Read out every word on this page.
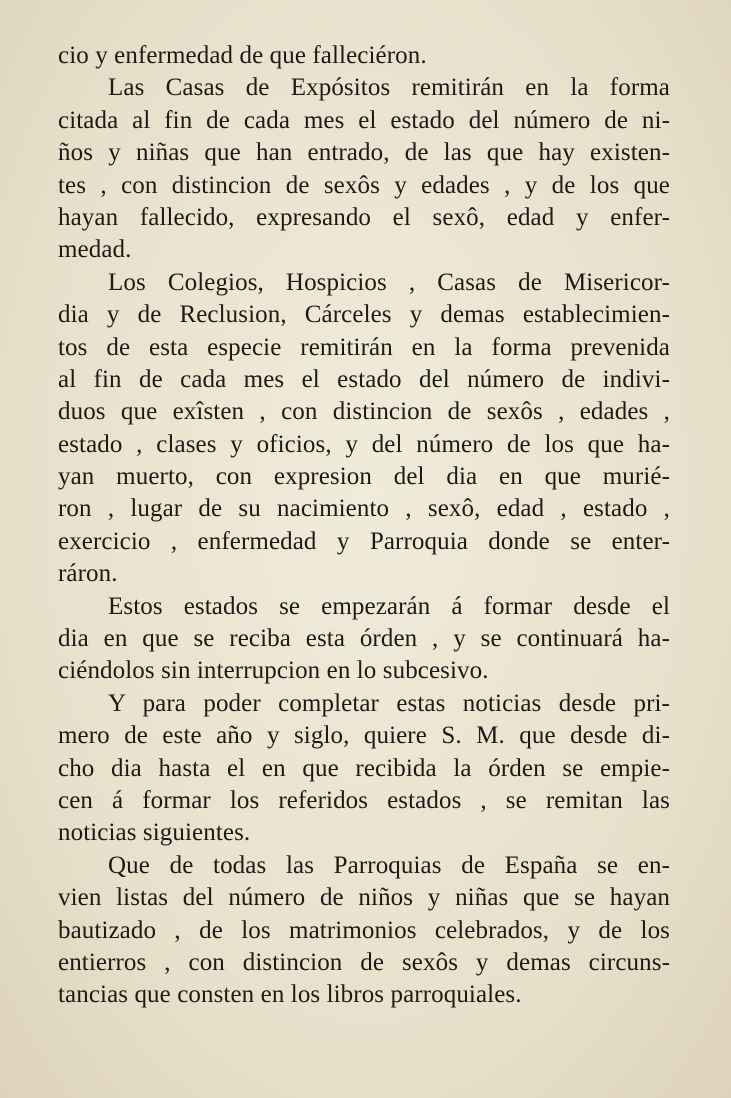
cio y enfermedad de que falleciéron.
Las Casas de Expósitos remitirán en la forma
citada al fin de cada mes el estado del número de ni-
ños y niñas que han entrado, de las que hay existen-
tes , con distincion de sexôs y edades , y de los que
hayan fallecido, expresando el sexô, edad y enfer-
medad.
Los Colegios, Hospicios , Casas de Misericor-
dia y de Reclusion, Cárceles y demas establecimien-
tos de esta especie remitirán en la forma prevenida
al fin de cada mes el estado del número de indivi-
duos que exîsten , con distincion de sexôs , edades ,
estado , clases y oficios, y del número de los que ha-
yan muerto, con expresion del dia en que murié-
ron , lugar de su nacimiento , sexô, edad , estado ,
exercicio , enfermedad y Parroquia donde se enter-
ráron.
Estos estados se empezarán á formar desde el
dia en que se reciba esta órden , y se continuará ha-
ciéndolos sin interrupcion en lo subcesivo.
Y para poder completar estas noticias desde pri-
mero de este año y siglo, quiere S. M. que desde di-
cho dia hasta el en que recibida la órden se empie-
cen á formar los referidos estados , se remitan las
noticias siguientes.
Que de todas las Parroquias de España se en-
vien listas del número de niños y niñas que se hayan
bautizado , de los matrimonios celebrados, y de los
entierros , con distincion de sexôs y demas circuns-
tancias que consten en los libros parroquiales.
